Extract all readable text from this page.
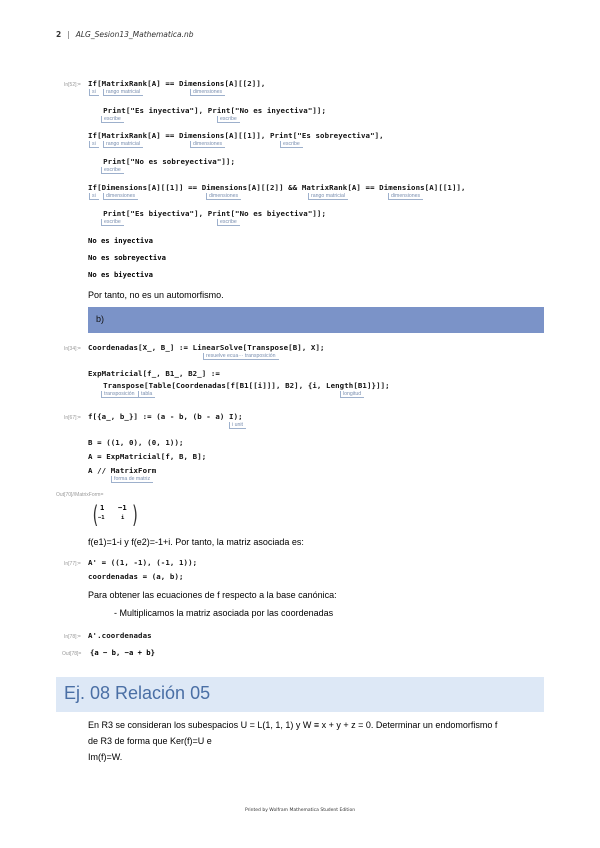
2 | ALG_Sesion13_Mathematica.nb
In[52]:= If[MatrixRank[A] == Dimensions[A][[2]],
si	rango matricial	dimensiones
Print["Es inyectiva"], Print["No es inyectiva"]];
escribe	escribe
If[MatrixRank[A] == Dimensions[A][[1]], Print["Es sobreyectiva"],
si	rango matricial	dimensiones	escribe
Print["No es sobreyectiva"]];
escribe
If[Dimensions[A][[1]] == Dimensions[A][[2]] && MatrixRank[A] == Dimensions[A][[1]],
si	dimensiones	dimensiones	rango matricial	dimensiones
Print["Es biyectiva"], Print["No es biyectiva"]];
escribe	escribe
No es inyectiva
No es sobreyectiva
No es biyectiva
Por tanto, no es un automorfismo.
b)
In[34]:= Coordenadas[X_, B_] := LinearSolve[Transpose[B], X];
resuelve ecua··· transposición
ExpMatricial[f_, B1_, B2_] :=
Transpose[Table[Coordenadas[f[B1[[i]]], B2], {i, Length[B1]}]];
transposición	tabla	longitud
In[67]:= f[{a_, b_}] := (a - b, (b - a) I);
i unit
B = ((1, 0), (0, 1));
A = ExpMatricial[f, B, B];
A // MatrixForm
forma de matriz
Out[70]//MatrixForm=
( 1 −1
−1	i )
f(e1)=1-i y f(e2)=-1+i. Por tanto, la matriz asociada es:
In[77]:= A' = ((1, -1), (-1, 1));
coordenadas = (a, b);
Para obtener las ecuaciones de f respecto a la base canónica:
- Multiplicamos la matriz asociada por las coordenadas
In[78]:= A'.coordenadas
Out[78]= {a − b, −a + b}
Ej. 08 Relación 05
En R3 se consideran los subespacios U = L(1, 1, 1) y W ≡ x + y + z = 0. Determinar un endomorfismo f
de R3 de forma que Ker(f)=U e
Im(f)=W.
Printed by Wolfram Mathematica Student Edition
